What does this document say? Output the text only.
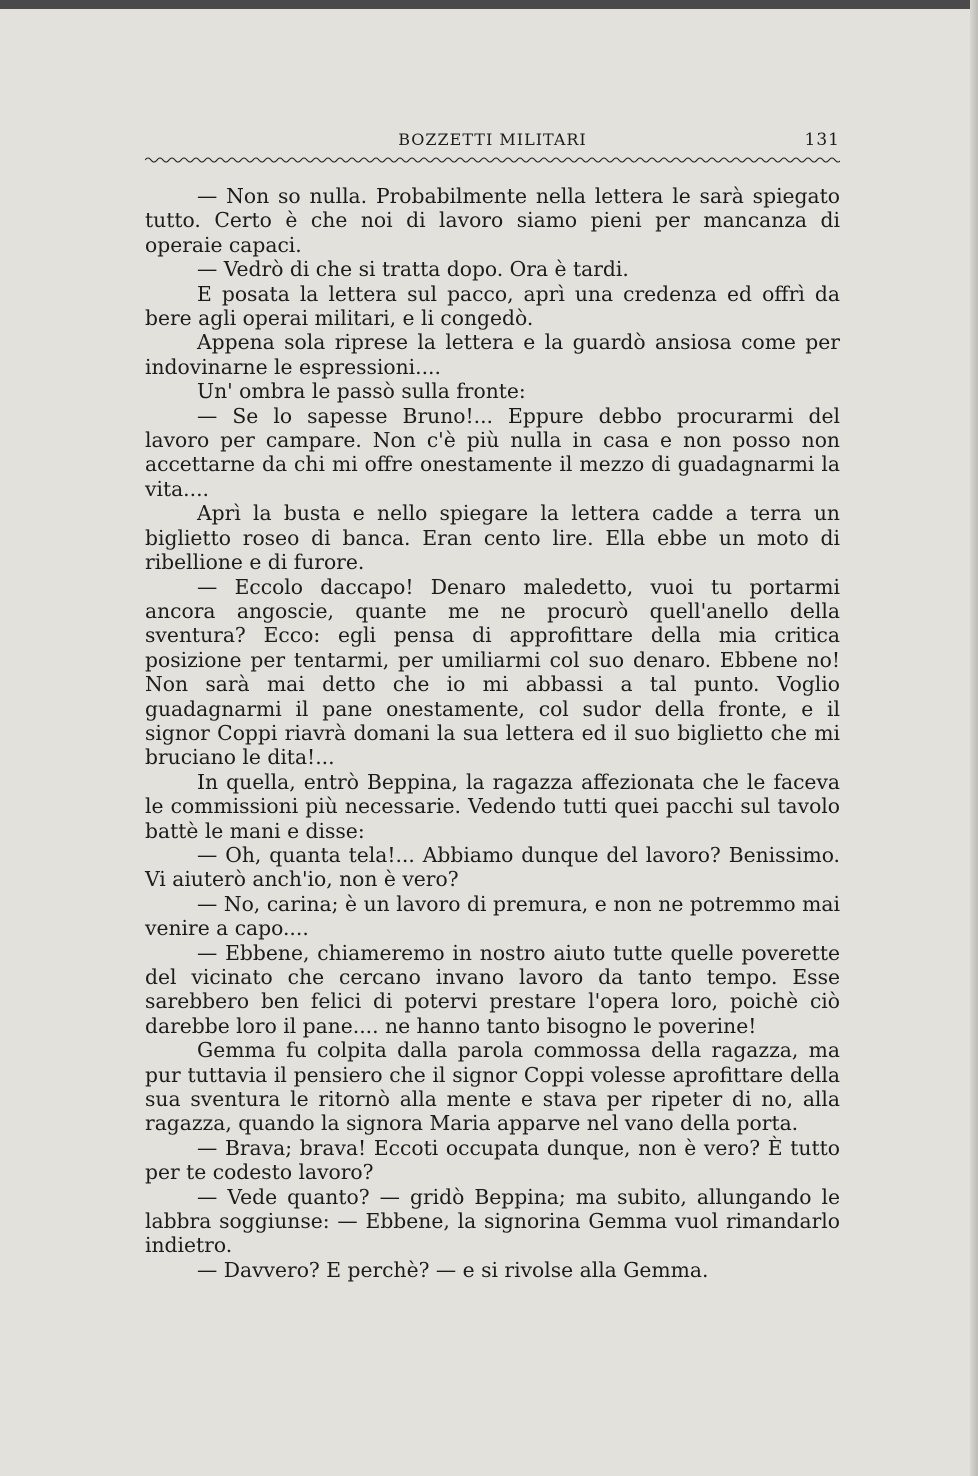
BOZZETTI MILITARI	131

— Non so nulla. Probabilmente nella lettera le sarà spiegato tutto. Certo è che noi di lavoro siamo pieni per mancanza di operaie capaci.

— Vedrò di che si tratta dopo. Ora è tardi.

E posata la lettera sul pacco, aprì una credenza ed offrì da bere agli operai militari, e li congedò.

Appena sola riprese la lettera e la guardò ansiosa come per indovinarne le espressioni....

Un' ombra le passò sulla fronte:

— Se lo sapesse Bruno!... Eppure debbo procurarmi del lavoro per campare. Non c'è più nulla in casa e non posso non accettarne da chi mi offre onestamente il mezzo di guadagnarmi la vita....

Aprì la busta e nello spiegare la lettera cadde a terra un biglietto roseo di banca. Eran cento lire. Ella ebbe un moto di ribellione e di furore.

— Eccolo daccapo! Denaro maledetto, vuoi tu portarmi ancora angoscie, quante me ne procurò quell'anello della sventura? Ecco: egli pensa di approfittare della mia critica posizione per tentarmi, per umiliarmi col suo denaro. Ebbene no! Non sarà mai detto che io mi abbassi a tal punto. Voglio guadagnarmi il pane onestamente, col sudor della fronte, e il signor Coppi riavrà domani la sua lettera ed il suo biglietto che mi bruciano le dita!...

In quella, entrò Beppina, la ragazza affezionata che le faceva le commissioni più necessarie. Vedendo tutti quei pacchi sul tavolo battè le mani e disse:

— Oh, quanta tela!... Abbiamo dunque del lavoro? Benissimo. Vi aiuterò anch'io, non è vero?

— No, carina; è un lavoro di premura, e non ne potremmo mai venire a capo....

— Ebbene, chiameremo in nostro aiuto tutte quelle poverette del vicinato che cercano invano lavoro da tanto tempo. Esse sarebbero ben felici di potervi prestare l'opera loro, poichè ciò darebbe loro il pane.... ne hanno tanto bisogno le poverine!

Gemma fu colpita dalla parola commossa della ragazza, ma pur tuttavia il pensiero che il signor Coppi volesse aprofittare della sua sventura le ritornò alla mente e stava per ripeter di no, alla ragazza, quando la signora Maria apparve nel vano della porta.

— Brava; brava! Eccoti occupata dunque, non è vero? È tutto per te codesto lavoro?

— Vede quanto? — gridò Beppina; ma subito, allungando le labbra soggiunse: — Ebbene, la signorina Gemma vuol rimandarlo indietro.

— Davvero? E perchè? — e si rivolse alla Gemma.
